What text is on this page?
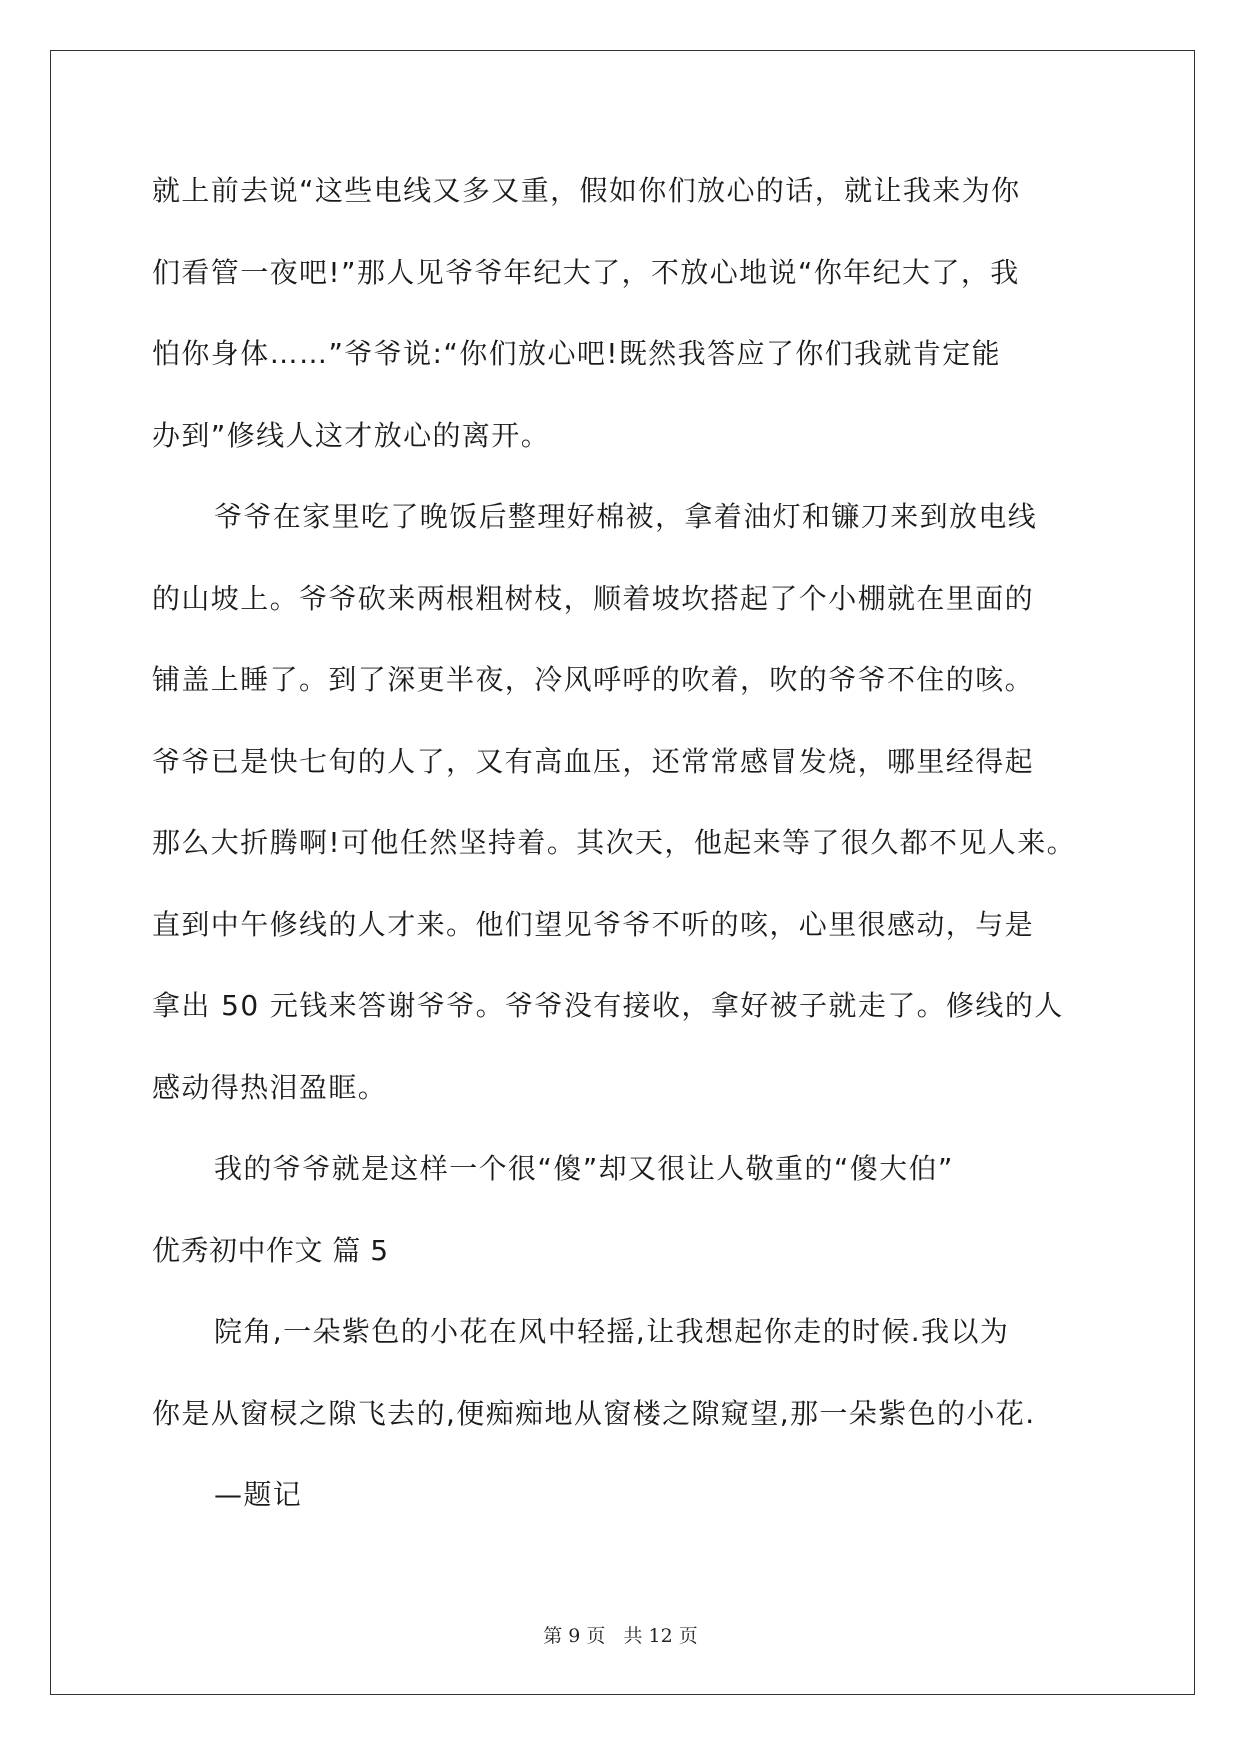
就上前去说“这些电线又多又重，假如你们放心的话，就让我来为你
们看管一夜吧!”那人见爷爷年纪大了，不放心地说“你年纪大了，我
怕你身体……”爷爷说:“你们放心吧!既然我答应了你们我就肯定能
办到”修线人这才放心的离开。
爷爷在家里吃了晚饭后整理好棉被，拿着油灯和镰刀来到放电线
的山坡上。爷爷砍来两根粗树枝，顺着坡坎搭起了个小棚就在里面的
铺盖上睡了。到了深更半夜，冷风呼呼的吹着，吹的爷爷不住的咳。
爷爷已是快七旬的人了，又有高血压，还常常感冒发烧，哪里经得起
那么大折腾啊!可他任然坚持着。其次天，他起来等了很久都不见人来。
直到中午修线的人才来。他们望见爷爷不听的咳，心里很感动，与是
拿出 50 元钱来答谢爷爷。爷爷没有接收，拿好被子就走了。修线的人
感动得热泪盈眶。
我的爷爷就是这样一个很“傻”却又很让人敬重的“傻大伯”
优秀初中作文 篇 5
院角,一朵紫色的小花在风中轻摇,让我想起你走的时候.我以为
你是从窗棂之隙飞去的,便痴痴地从窗楼之隙窥望,那一朵紫色的小花.
—题记
第 9 页   共 12 页
